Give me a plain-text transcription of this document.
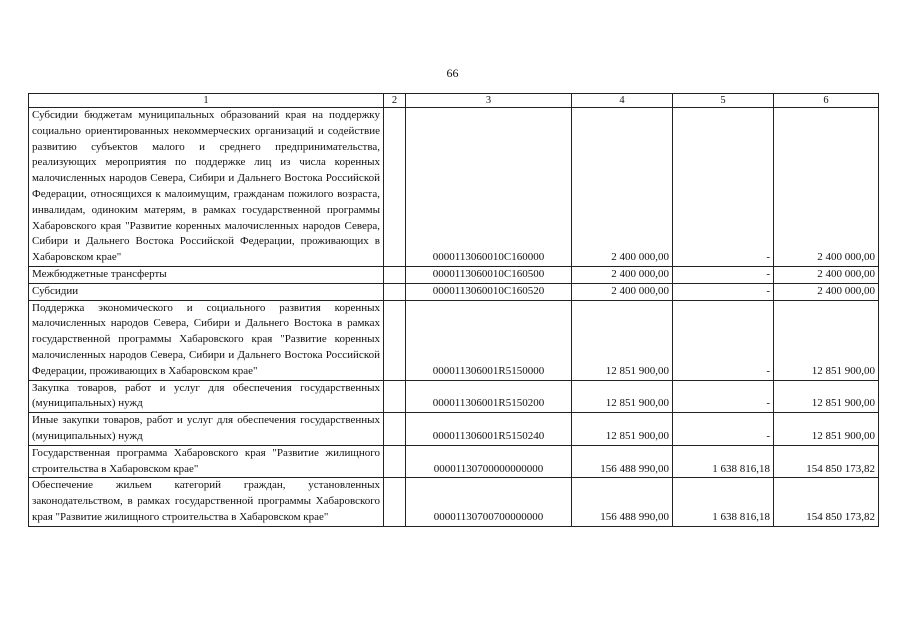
66
1	2	3	4	5	6
Субсидии бюджетам муниципальных образований края на поддержку социально ориентированных некоммерческих организаций и содействие развитию субъектов малого и среднего предпринимательства, реализующих мероприятия по поддержке лиц из числа коренных малочисленных народов Севера, Сибири и Дальнего Востока Российской Федерации, относящихся к малоимущим, гражданам пожилого возраста, инвалидам, одиноким матерям, в рамках государственной программы Хабаровского края "Развитие коренных малочисленных народов Севера, Сибири и Дальнего Востока Российской Федерации, проживающих в Хабаровском крае"		0000113060010С160000	2 400 000,00	-	2 400 000,00
Межбюджетные трансферты		0000113060010С160500	2 400 000,00	-	2 400 000,00
Субсидии		0000113060010С160520	2 400 000,00	-	2 400 000,00
Поддержка экономического и социального развития коренных малочисленных народов Севера, Сибири и Дальнего Востока в рамках государственной программы Хабаровского края "Развитие коренных малочисленных народов Севера, Сибири и Дальнего Востока Российской Федерации, проживающих в Хабаровском крае"		000011306001R5150000	12 851 900,00	-	12 851 900,00
Закупка товаров, работ и услуг для обеспечения государственных (муниципальных) нужд		000011306001R5150200	12 851 900,00	-	12 851 900,00
Иные закупки товаров, работ и услуг для обеспечения государственных (муниципальных) нужд		000011306001R5150240	12 851 900,00	-	12 851 900,00
Государственная программа Хабаровского края "Развитие жилищного строительства в Хабаровском крае"		00001130700000000000	156 488 990,00	1 638 816,18	154 850 173,82
Обеспечение жильем категорий граждан, установленных законодательством, в рамках государственной программы Хабаровского края "Развитие жилищного строительства в Хабаровском крае"		00001130700700000000	156 488 990,00	1 638 816,18	154 850 173,82
